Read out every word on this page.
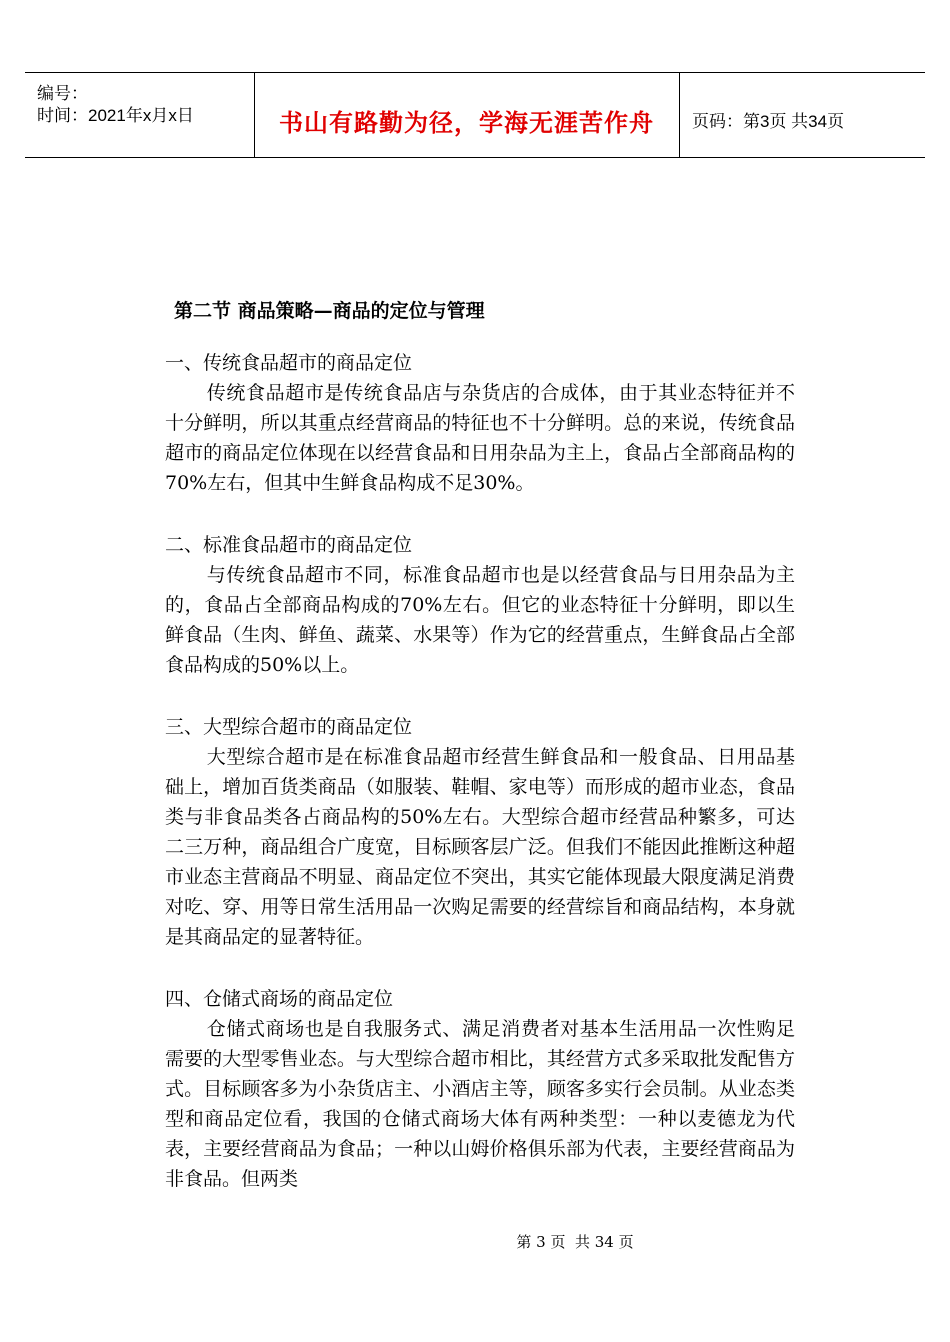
编号：
时间：2021年x月x日	书山有路勤为径，学海无涯苦作舟	页码：第3页 共34页
第二节 商品策略—商品的定位与管理
一、传统食品超市的商品定位
传统食品超市是传统食品店与杂货店的合成体，由于其业态特征并不十分鲜明，所以其重点经营商品的特征也不十分鲜明。总的来说，传统食品超市的商品定位体现在以经营食品和日用杂品为主上，食品占全部商品构的70%左右，但其中生鲜食品构成不足30%。
二、标准食品超市的商品定位
与传统食品超市不同，标准食品超市也是以经营食品与日用杂品为主的，食品占全部商品构成的70%左右。但它的业态特征十分鲜明，即以生鲜食品（生肉、鲜鱼、蔬菜、水果等）作为它的经营重点，生鲜食品占全部食品构成的50%以上。
三、大型综合超市的商品定位
大型综合超市是在标准食品超市经营生鲜食品和一般食品、日用品基础上，增加百货类商品（如服装、鞋帽、家电等）而形成的超市业态，食品类与非食品类各占商品构的50%左右。大型综合超市经营品种繁多，可达二三万种，商品组合广度宽，目标顾客层广泛。但我们不能因此推断这种超市业态主营商品不明显、商品定位不突出，其实它能体现最大限度满足消费对吃、穿、用等日常生活用品一次购足需要的经营综旨和商品结构，本身就是其商品定的显著特征。
四、仓储式商场的商品定位
仓储式商场也是自我服务式、满足消费者对基本生活用品一次性购足需要的大型零售业态。与大型综合超市相比，其经营方式多采取批发配售方式。目标顾客多为小杂货店主、小酒店主等，顾客多实行会员制。从业态类型和商品定位看，我国的仓储式商场大体有两种类型：一种以麦德龙为代表，主要经营商品为食品；一种以山姆价格俱乐部为代表，主要经营商品为非食品。但两类
第 3 页  共 34 页
